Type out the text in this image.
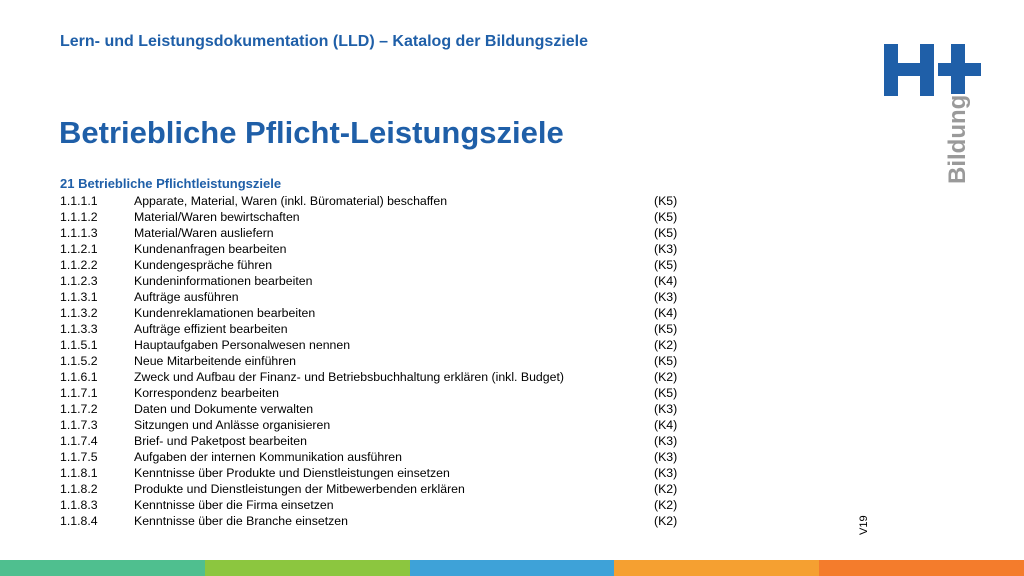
Lern- und Leistungsdokumentation (LLD) – Katalog der Bildungsziele
Betriebliche Pflicht-Leistungsziele	Bildung
21 Betriebliche Pflichtleistungsziele
1.1.1.1	Apparate, Material, Waren (inkl. Büromaterial) beschaffen	(K5)
1.1.1.2	Material/Waren bewirtschaften	(K5)
1.1.1.3	Material/Waren ausliefern	(K5)
1.1.2.1	Kundenanfragen bearbeiten	(K3)
1.1.2.2	Kundengespräche führen	(K5)
1.1.2.3	Kundeninformationen bearbeiten	(K4)
1.1.3.1	Aufträge ausführen	(K3)
1.1.3.2	Kundenreklamationen bearbeiten	(K4)
1.1.3.3	Aufträge effizient bearbeiten	(K5)
1.1.5.1	Hauptaufgaben Personalwesen nennen	(K2)
1.1.5.2	Neue Mitarbeitende einführen	(K5)
1.1.6.1	Zweck und Aufbau der Finanz- und Betriebsbuchhaltung erklären (inkl. Budget)	(K2)
1.1.7.1	Korrespondenz bearbeiten	(K5)
1.1.7.2	Daten und Dokumente verwalten	(K3)
1.1.7.3	Sitzungen und Anlässe organisieren	(K4)
1.1.7.4	Brief- und Paketpost bearbeiten	(K3)
1.1.7.5	Aufgaben der internen Kommunikation ausführen	(K3)
1.1.8.1	Kenntnisse über Produkte und Dienstleistungen einsetzen	(K3)
1.1.8.2	Produkte und Dienstleistungen der Mitbewerbenden erklären	(K2)
1.1.8.3	Kenntnisse über die Firma einsetzen	(K2)
1.1.8.4	Kenntnisse über die Branche einsetzen	(K2)	V19
